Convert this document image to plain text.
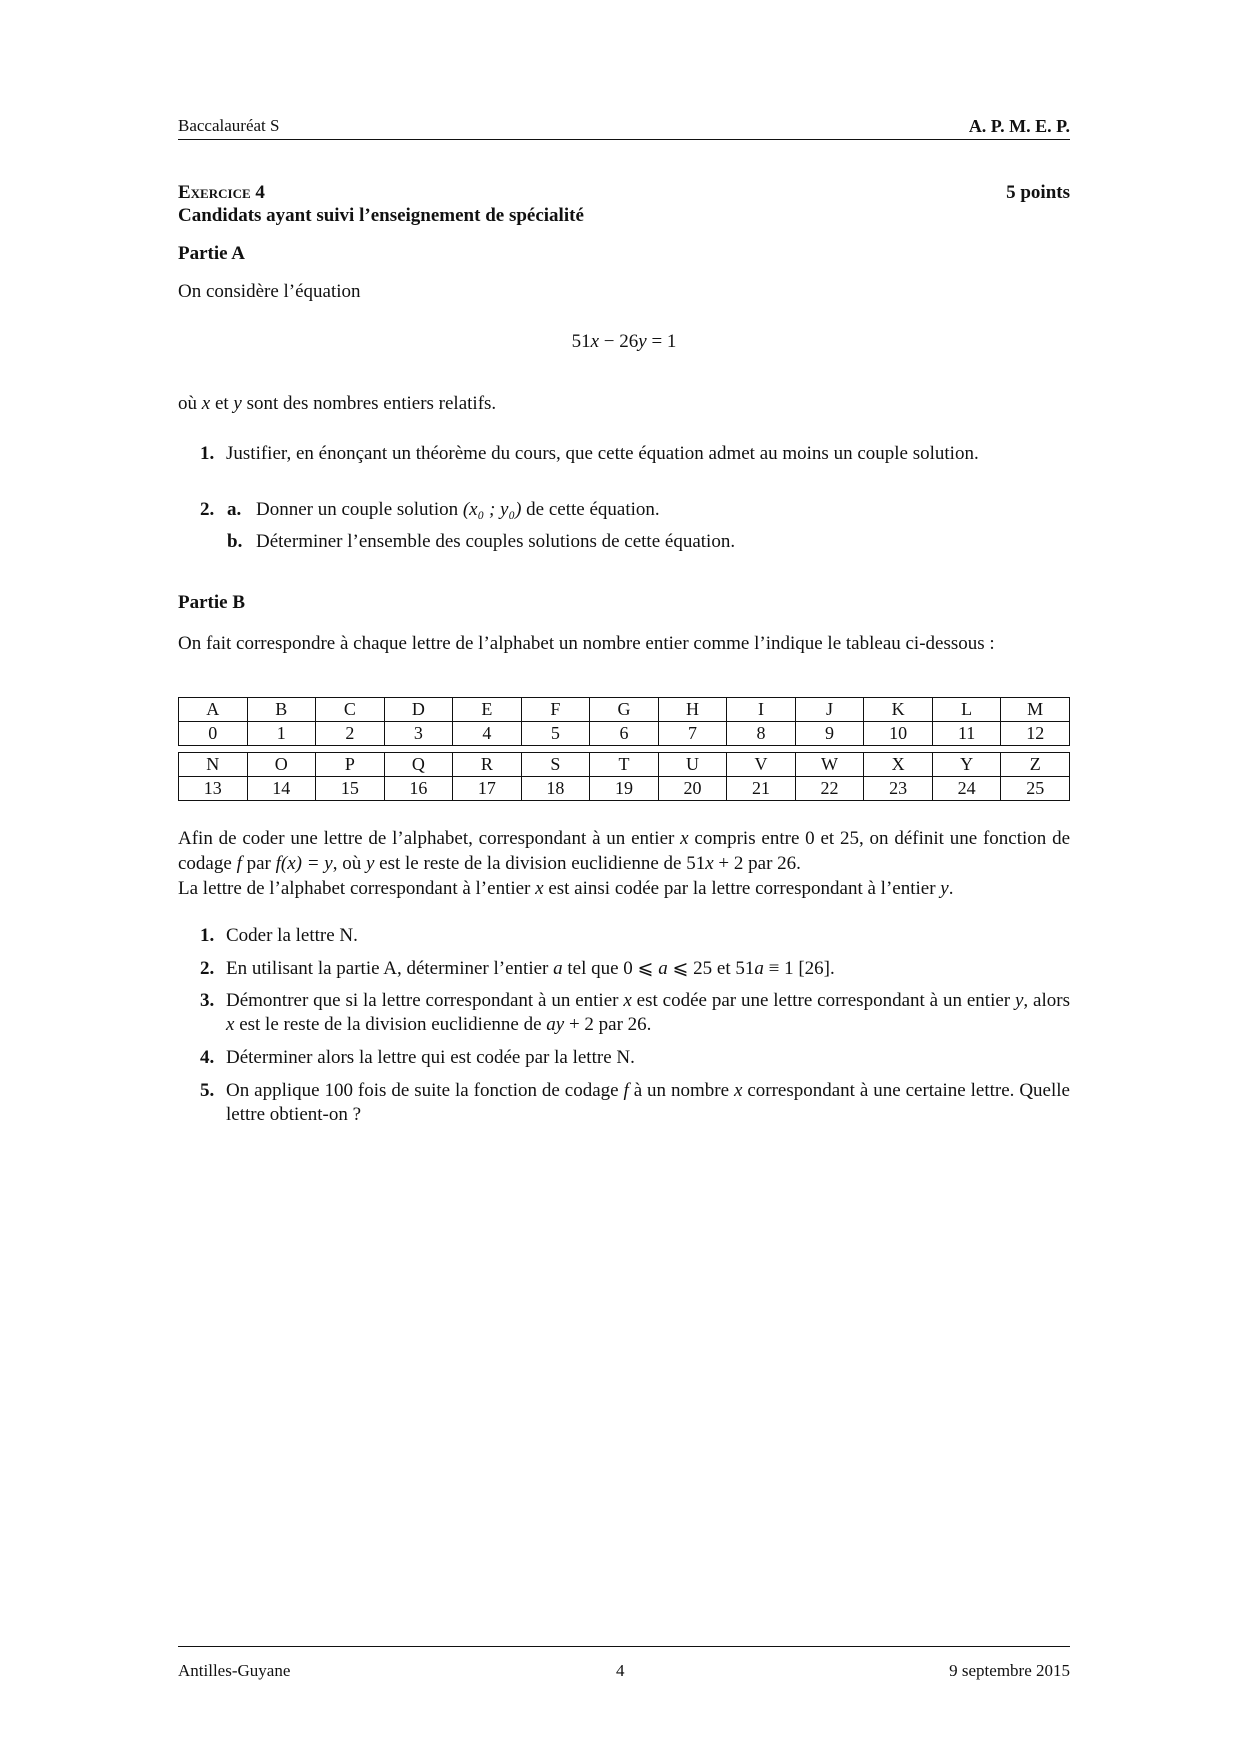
Baccalauréat S	A. P. M. E. P.
Exercice 4	5 points
Candidats ayant suivi l’enseignement de spécialité
Partie A
On considère l’équation
51x − 26y = 1
où x et y sont des nombres entiers relatifs.
1. Justifier, en énonçant un théorème du cours, que cette équation admet au moins un couple solution.
2. a. Donner un couple solution (x₀ ; y₀) de cette équation.
b. Déterminer l’ensemble des couples solutions de cette équation.
Partie B
On fait correspondre à chaque lettre de l’alphabet un nombre entier comme l’indique le tableau ci-dessous :
A	B	C	D	E	F	G	H	I	J	K	L	M
0	1	2	3	4	5	6	7	8	9	10	11	12
N	O	P	Q	R	S	T	U	V	W	X	Y	Z
13	14	15	16	17	18	19	20	21	22	23	24	25
Afin de coder une lettre de l’alphabet, correspondant à un entier x compris entre 0 et 25, on définit une fonction de codage f par f(x) = y, où y est le reste de la division euclidienne de 51x + 2 par 26.
La lettre de l’alphabet correspondant à l’entier x est ainsi codée par la lettre correspondant à l’entier y.
1. Coder la lettre N.
2. En utilisant la partie A, déterminer l’entier a tel que 0 ⩽ a ⩽ 25 et 51a ≡ 1 [26].
3. Démontrer que si la lettre correspondant à un entier x est codée par une lettre correspondant à un entier y, alors x est le reste de la division euclidienne de ay + 2 par 26.
4. Déterminer alors la lettre qui est codée par la lettre N.
5. On applique 100 fois de suite la fonction de codage f à un nombre x correspondant à une certaine lettre. Quelle lettre obtient-on ?
Antilles-Guyane	4	9 septembre 2015
